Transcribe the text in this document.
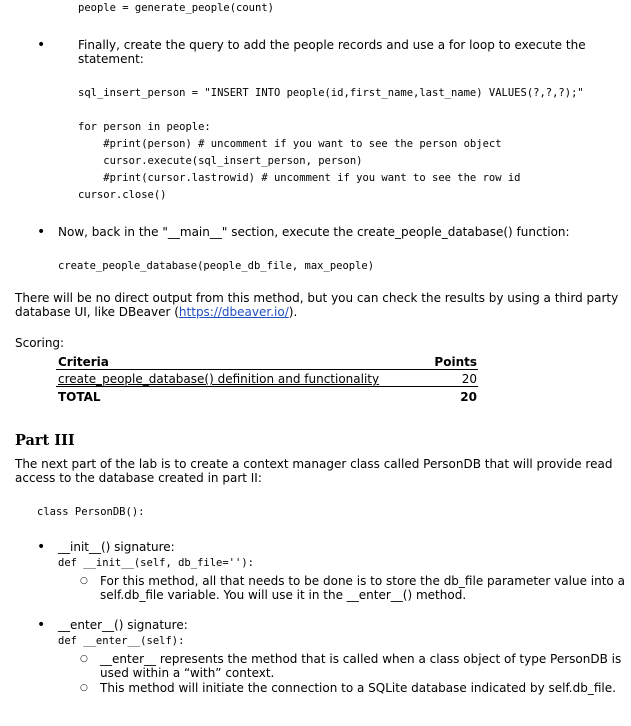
people = generate_people(count)
•	Finally, create the query to add the people records and use a for loop to execute the
statement:
sql_insert_person = "INSERT INTO people(id,first_name,last_name) VALUES(?,?,?);"
for person in people:
#print(person) # uncomment if you want to see the person object
cursor.execute(sql_insert_person, person)
#print(cursor.lastrowid) # uncomment if you want to see the row id
cursor.close()
• Now, back in the "__main__" section, execute the create_people_database() function:
create_people_database(people_db_file, max_people)
There will be no direct output from this method, but you can check the results by using a third party
database UI, like DBeaver (https://dbeaver.io/).
Scoring:
Criteria	Points
create_people_database() definition and functionality	20
TOTAL	20
Part III
The next part of the lab is to create a context manager class called PersonDB that will provide read
access to the database created in part II:
class PersonDB():
• __init__() signature:
def __init__(self, db_file=''):
○ For this method, all that needs to be done is to store the db_file parameter value into a
self.db_file variable. You will use it in the __enter__() method.
• __enter__() signature:
def __enter__(self):
○ __enter__ represents the method that is called when a class object of type PersonDB is
used within a “with” context.
○ This method will initiate the connection to a SQLite database indicated by self.db_file.
